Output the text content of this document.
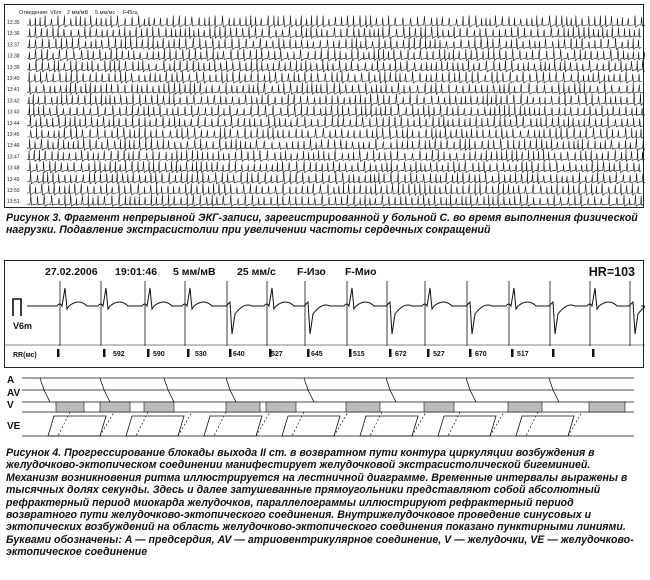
Отведение: V6m 2 мм/мВ 5 мм/мс F45гц
13:35
13:36
13:37
13:38
13:39
13:40
13:41
13:42
13:43
13:44
13:45
13:46
13:47
13:48
13:49
13:50
13:51
Рисунок 3. Фрагмент непрерывной ЭКГ-записи, зарегистрированной у больной С. во время выполнения физической нагрузки. Подавление экстрасистолии при увеличении частоты сердечных сокращений
27.02.2006 19:01:46 5 мм/мВ 25 мм/с F-Изо F-Мио	HR=103
V6m
RR(мс)	592	590	530	640	527	645	515	672	527	670	517
A
AV
V
VE
Рисунок 4. Прогрессирование блокады выхода II ст. в возвратном пути контура циркуляции возбуждения в желудочково-эктопическом соединении манифестирует желудочковой экстрасистолической бигеминией. Механизм возникновения ритма иллюстрируется на лестничной диаграмме. Временные интервалы выражены в тысячных долях секунды. Здесь и далее затушеванные прямоугольники представляют собой абсолютный рефрактерный период миокарда желудочков, параллелограммы иллюстрируют рефрактерный период возвратного пути желудочково-эктопического соединения. Внутрижелудочковое проведение синусовых и эктопических возбуждений на область желудочково-эктопического соединения показано пунктирными линиями. Буквами обозначены: A — предсердия, AV — атриовентрикулярное соединение, V — желудочки, VE — желудочково-эктопическое соединение
